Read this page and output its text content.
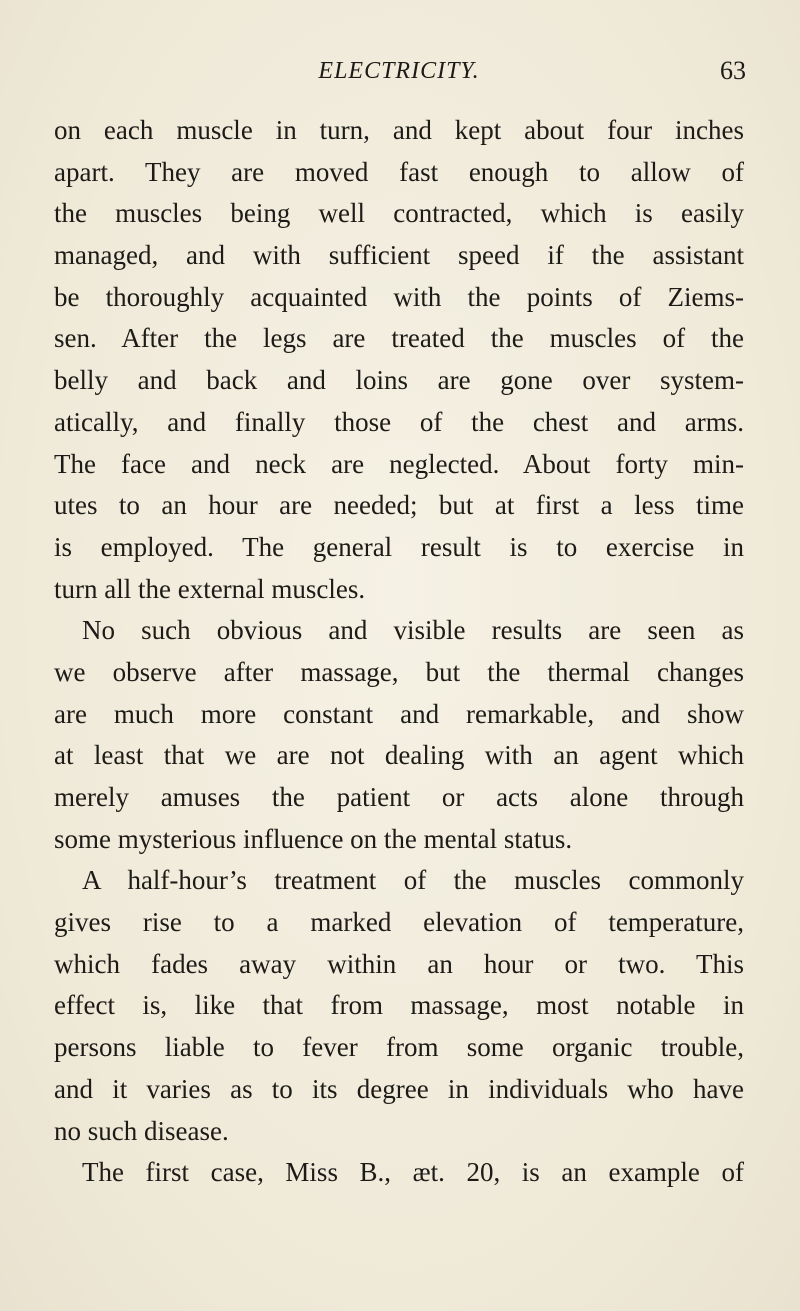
ELECTRICITY.	63
on each muscle in turn, and kept about four inches
apart. They are moved fast enough to allow of
the muscles being well contracted, which is easily
managed, and with sufficient speed if the assistant
be thoroughly acquainted with the points of Ziems-
sen. After the legs are treated the muscles of the
belly and back and loins are gone over system-
atically, and finally those of the chest and arms.
The face and neck are neglected. About forty min-
utes to an hour are needed; but at first a less time
is employed. The general result is to exercise in
turn all the external muscles.
No such obvious and visible results are seen as
we observe after massage, but the thermal changes
are much more constant and remarkable, and show
at least that we are not dealing with an agent which
merely amuses the patient or acts alone through
some mysterious influence on the mental status.
A half-hour’s treatment of the muscles commonly
gives rise to a marked elevation of temperature,
which fades away within an hour or two. This
effect is, like that from massage, most notable in
persons liable to fever from some organic trouble,
and it varies as to its degree in individuals who have
no such disease.
The first case, Miss B., æt. 20, is an example of
